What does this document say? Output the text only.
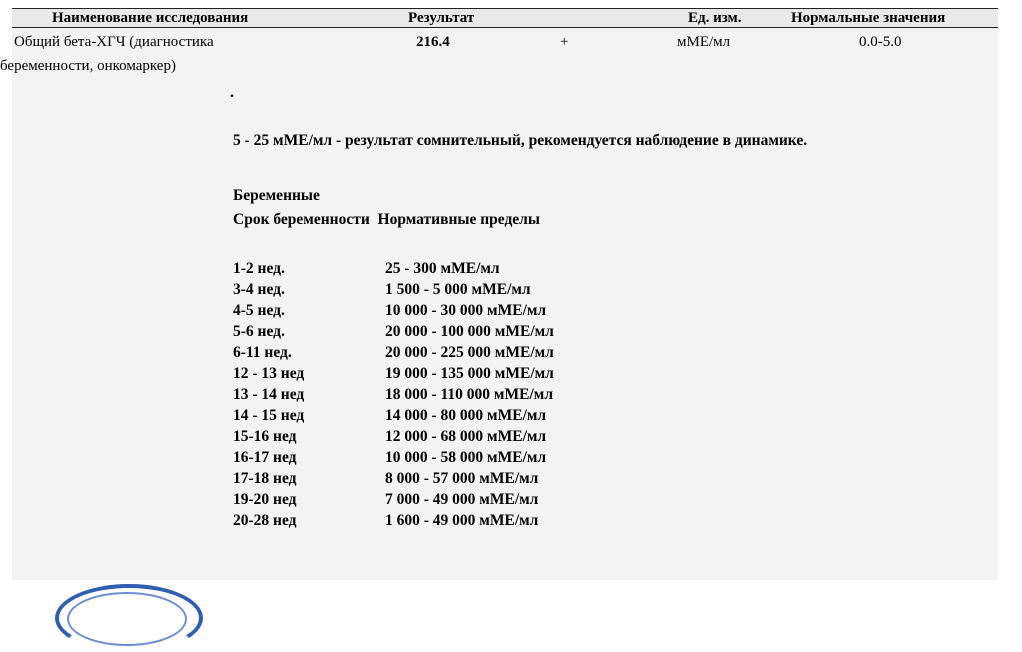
Наименование исследования	Результат	Ед. изм.	Нормальные значения
Общий бета-ХГЧ (диагностика
беременности, онкомаркер)
216.4	+	мМЕ/мл	0.0-5.0
.
5 - 25 мМЕ/мл - результат сомнительный, рекомендуется наблюдение в динамике.
Беременные
Срок беременности Нормативные пределы
1-2 нед.	25 - 300 мМЕ/мл
3-4 нед.	1 500 - 5 000 мМЕ/мл
4-5 нед.	10 000 - 30 000 мМЕ/мл
5-6 нед.	20 000 - 100 000 мМЕ/мл
6-11 нед.	20 000 - 225 000 мМЕ/мл
12 - 13 нед	19 000 - 135 000 мМЕ/мл
13 - 14 нед	18 000 - 110 000 мМЕ/мл
14 - 15 нед	14 000 - 80 000 мМЕ/мл
15-16 нед	12 000 - 68 000 мМЕ/мл
16-17 нед	10 000 - 58 000 мМЕ/мл
17-18 нед	8 000 - 57 000 мМЕ/мл
19-20 нед	7 000 - 49 000 мМЕ/мл
20-28 нед	1 600 - 49 000 мМЕ/мл
